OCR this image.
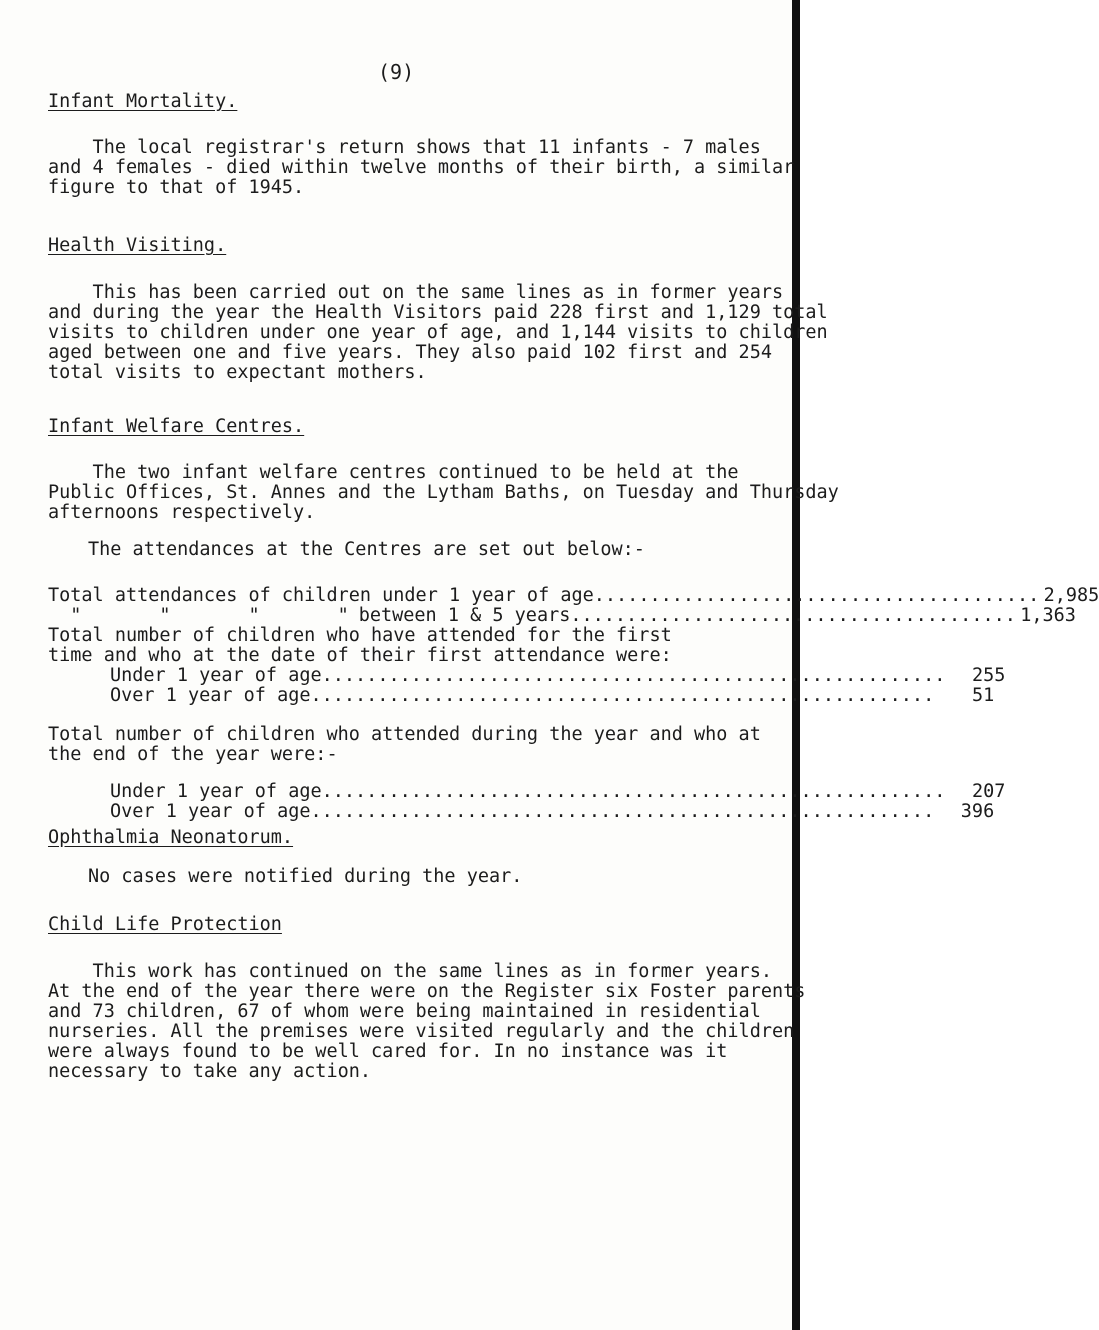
(9)
Infant Mortality.
The local registrar's return shows that 11 infants - 7 males
and 4 females - died within twelve months of their birth, a similar
figure to that of 1945.
Health Visiting.
This has been carried out on the same lines as in former years
and during the year the Health Visitors paid 228 first and 1,129 total
visits to children under one year of age, and 1,144 visits to children
aged between one and five years. They also paid 102 first and 254
total visits to expectant mothers.
Infant Welfare Centres.
The two infant welfare centres continued to be held at the
Public Offices, St. Annes and the Lytham Baths, on Tuesday and Thursday
afternoons respectively.
The attendances at the Centres are set out below:-
Total attendances of children under 1 year of age ........................................ 2,985
"       "       "       " between 1 & 5 years ........................................ 1,363
Total number of children who have attended for the first
time and who at the date of their first attendance were:
Under 1 year of age ........................................................	255
Over 1 year of age ........................................................	51
Total number of children who attended during the year and who at
the end of the year were:-
Under 1 year of age ........................................................	207
Over 1 year of age ........................................................	396
Ophthalmia Neonatorum.
No cases were notified during the year.
Child Life Protection
This work has continued on the same lines as in former years.
At the end of the year there were on the Register six Foster parents
and 73 children, 67 of whom were being maintained in residential
nurseries. All the premises were visited regularly and the children
were always found to be well cared for. In no instance was it
necessary to take any action.
